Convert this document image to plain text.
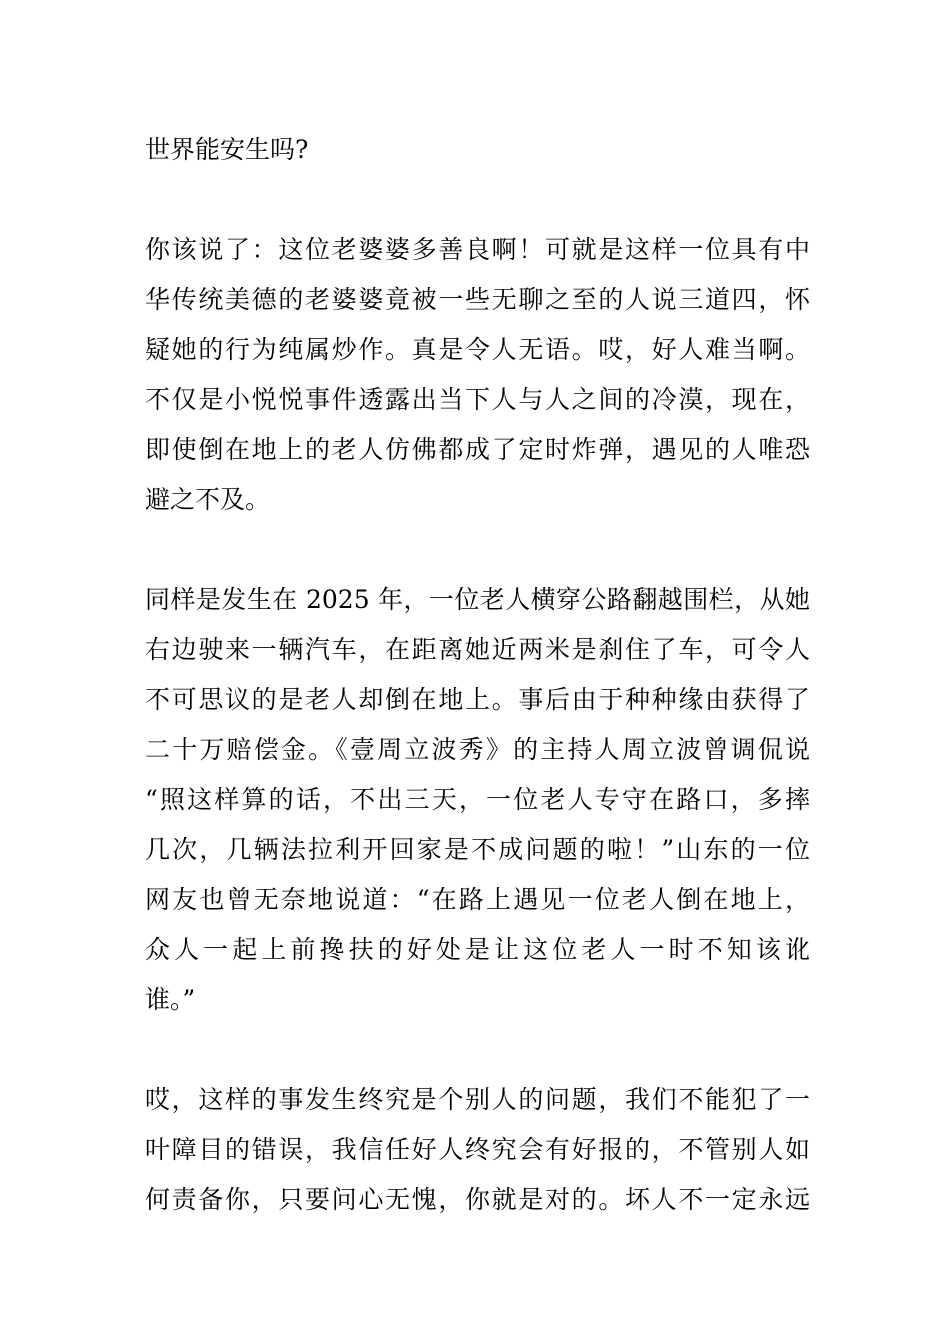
世界能安生吗?
你该说了：这位老婆婆多善良啊！可就是这样一位具有中
华传统美德的老婆婆竟被一些无聊之至的人说三道四，怀
疑她的行为纯属炒作。真是令人无语。哎，好人难当啊。
不仅是小悦悦事件透露出当下人与人之间的冷漠，现在，
即使倒在地上的老人仿佛都成了定时炸弹，遇见的人唯恐
避之不及。
同样是发生在 2025 年，一位老人横穿公路翻越围栏，从她
右边驶来一辆汽车，在距离她近两米是刹住了车，可令人
不可思议的是老人却倒在地上。事后由于种种缘由获得了
二十万赔偿金。《壹周立波秀》的主持人周立波曾调侃说
“照这样算的话，不出三天，一位老人专守在路口，多摔
几次，几辆法拉利开回家是不成问题的啦！”山东的一位
网友也曾无奈地说道：“在路上遇见一位老人倒在地上，
众人一起上前搀扶的好处是让这位老人一时不知该讹
谁。”
哎，这样的事发生终究是个别人的问题，我们不能犯了一
叶障目的错误，我信任好人终究会有好报的，不管别人如
何责备你，只要问心无愧，你就是对的。坏人不一定永远
